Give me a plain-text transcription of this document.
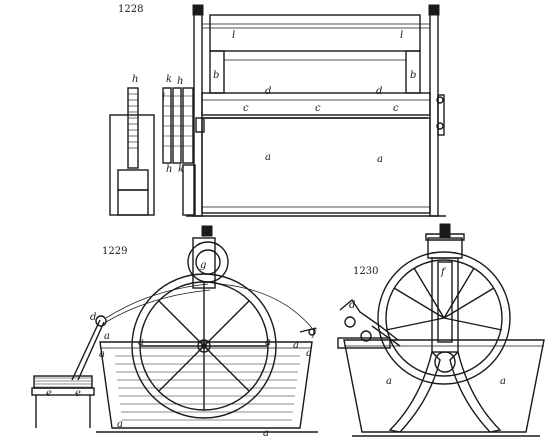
1228
l	l
b	b
d	d
c	c	c
a	a
h	k h
h k
i
1229
g
d
f
a
a
a	a a
a
a
a
e e
1230
d
a	a
f
